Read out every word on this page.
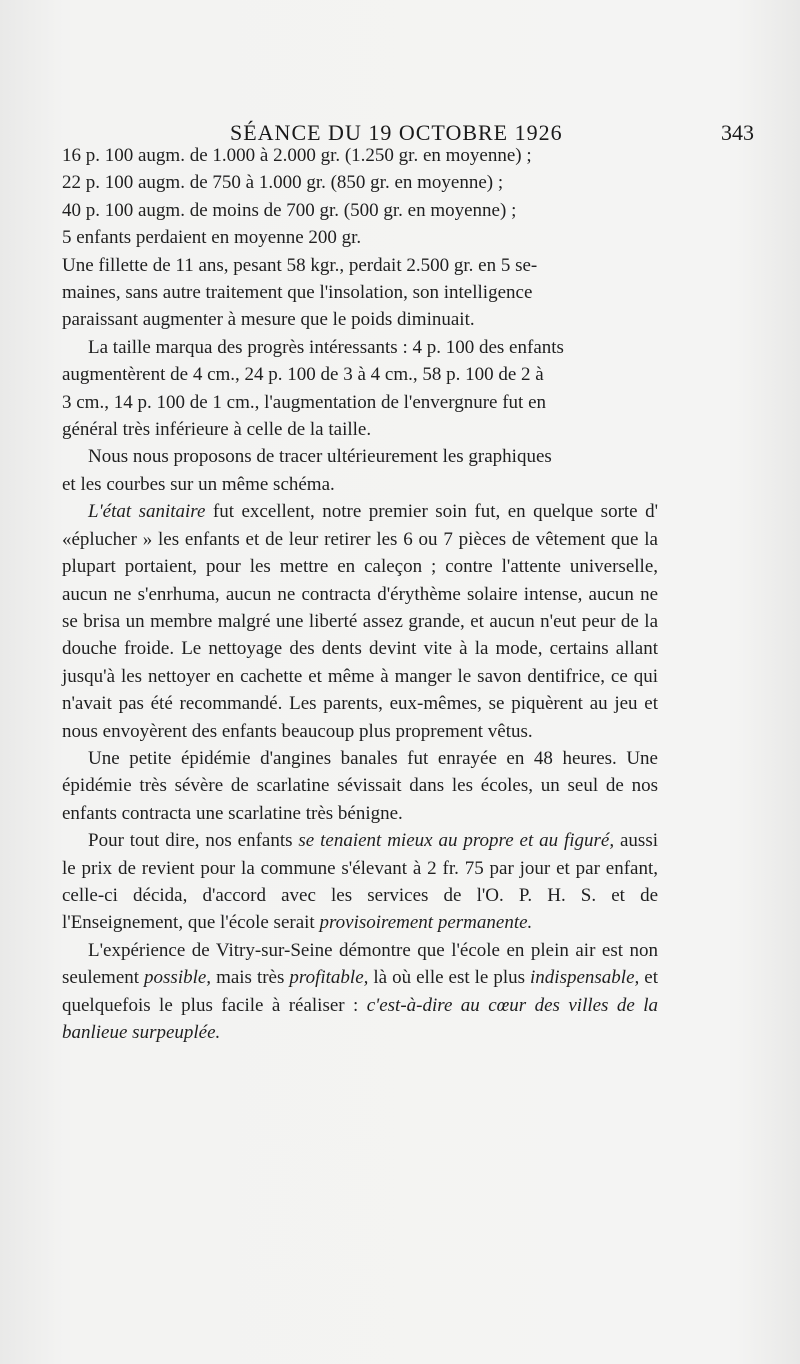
SÉANCE DU 19 OCTOBRE 1926	343

16 p. 100 augm. de 1.000 à 2.000 gr. (1.250 gr. en moyenne) ;
22 p. 100 augm. de 750 à 1.000 gr. (850 gr. en moyenne) ;
40 p. 100 augm. de moins de 700 gr. (500 gr. en moyenne) ;
5 enfants perdaient en moyenne 200 gr.

Une fillette de 11 ans, pesant 58 kgr., perdait 2.500 gr. en 5 se-
maines, sans autre traitement que l'insolation, son intelligence
paraissant augmenter à mesure que le poids diminuait.

La taille marqua des progrès intéressants : 4 p. 100 des enfants
augmentèrent de 4 cm., 24 p. 100 de 3 à 4 cm., 58 p. 100 de 2 à
3 cm., 14 p. 100 de 1 cm., l'augmentation de l'envergnure fut en
général très inférieure à celle de la taille.

Nous nous proposons de tracer ultérieurement les graphiques
et les courbes sur un même schéma.

L'état sanitaire fut excellent, notre premier soin fut, en quelque sorte d' «éplucher » les enfants et de leur retirer les 6 ou 7 pièces de vêtement que la plupart portaient, pour les mettre en caleçon ; contre l'attente universelle, aucun ne s'enrhuma, aucun ne contracta d'érythème solaire intense, aucun ne se brisa un membre malgré une liberté assez grande, et aucun n'eut peur de la douche froide. Le nettoyage des dents devint vite à la mode, certains allant jusqu'à les nettoyer en cachette et même à manger le savon dentifrice, ce qui n'avait pas été recommandé. Les parents, eux-mêmes, se piquèrent au jeu et nous envoyèrent des enfants beaucoup plus proprement vêtus.

Une petite épidémie d'angines banales fut enrayée en 48 heures. Une épidémie très sévère de scarlatine sévissait dans les écoles, un seul de nos enfants contracta une scarlatine très bénigne.

Pour tout dire, nos enfants se tenaient mieux au propre et au figuré, aussi le prix de revient pour la commune s'élevant à 2 fr. 75 par jour et par enfant, celle-ci décida, d'accord avec les services de l'O. P. H. S. et de l'Enseignement, que l'école serait provisoirement permanente.

L'expérience de Vitry-sur-Seine démontre que l'école en plein air est non seulement possible, mais très profitable, là où elle est le plus indispensable, et quelquefois le plus facile à réaliser : c'est-à-dire au cœur des villes de la banlieue surpeuplée.
